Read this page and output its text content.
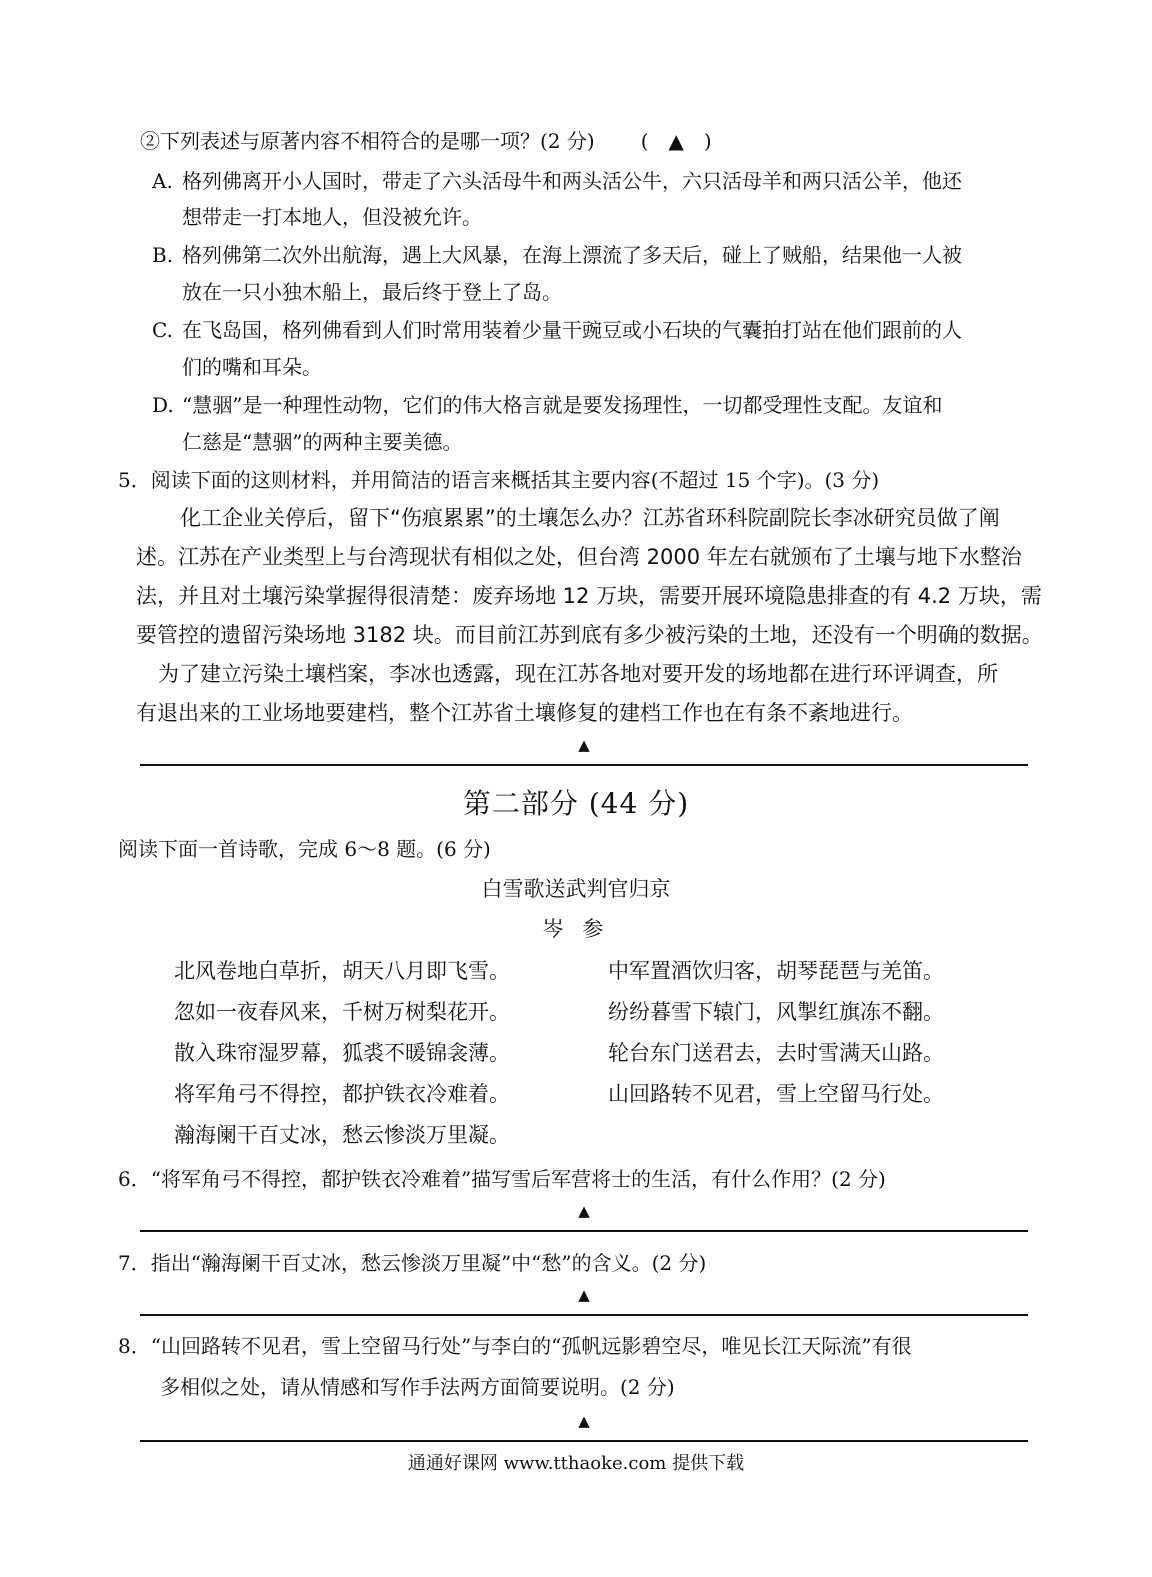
②下列表述与原著内容不相符合的是哪一项？(2 分) (　▲　)
A. 格列佛离开小人国时，带走了六头活母牛和两头活公牛，六只活母羊和两只活公羊，他还
想带走一打本地人，但没被允许。
B. 格列佛第二次外出航海，遇上大风暴，在海上漂流了多天后，碰上了贼船，结果他一人被
放在一只小独木船上，最后终于登上了岛。
C. 在飞岛国，格列佛看到人们时常用装着少量干豌豆或小石块的气囊拍打站在他们跟前的人
们的嘴和耳朵。
D. “慧骃”是一种理性动物，它们的伟大格言就是要发扬理性，一切都受理性支配。友谊和
仁慈是“慧骃”的两种主要美德。
5．阅读下面的这则材料，并用简洁的语言来概括其主要内容(不超过 15 个字)。(3 分)
化工企业关停后，留下“伤痕累累”的土壤怎么办？江苏省环科院副院长李冰研究员做了阐
述。江苏在产业类型上与台湾现状有相似之处，但台湾 2000 年左右就颁布了土壤与地下水整治
法，并且对土壤污染掌握得很清楚：废弃场地 12 万块，需要开展环境隐患排查的有 4.2 万块，需
要管控的遗留污染场地 3182 块。而目前江苏到底有多少被污染的土地，还没有一个明确的数据。
为了建立污染土壤档案，李冰也透露，现在江苏各地对要开发的场地都在进行环评调查，所
有退出来的工业场地要建档，整个江苏省土壤修复的建档工作也在有条不紊地进行。
▲
第二部分 (44 分)
阅读下面一首诗歌，完成 6～8 题。(6 分)
白雪歌送武判官归京
岑 参
北风卷地白草折，胡天八月即飞雪。
忽如一夜春风来，千树万树梨花开。
散入珠帘湿罗幕，狐裘不暖锦衾薄。
将军角弓不得控，都护铁衣冷难着。
瀚海阑干百丈冰，愁云惨淡万里凝。
中军置酒饮归客，胡琴琵琶与羌笛。
纷纷暮雪下辕门，风掣红旗冻不翻。
轮台东门送君去，去时雪满天山路。
山回路转不见君，雪上空留马行处。
6．“将军角弓不得控，都护铁衣冷难着”描写雪后军营将士的生活，有什么作用？(2 分)
▲
7．指出“瀚海阑干百丈冰，愁云惨淡万里凝”中“愁”的含义。(2 分)
▲
8．“山回路转不见君，雪上空留马行处”与李白的“孤帆远影碧空尽，唯见长江天际流”有很
多相似之处，请从情感和写作手法两方面简要说明。(2 分)
▲
通通好课网 www.tthaoke.com 提供下载
